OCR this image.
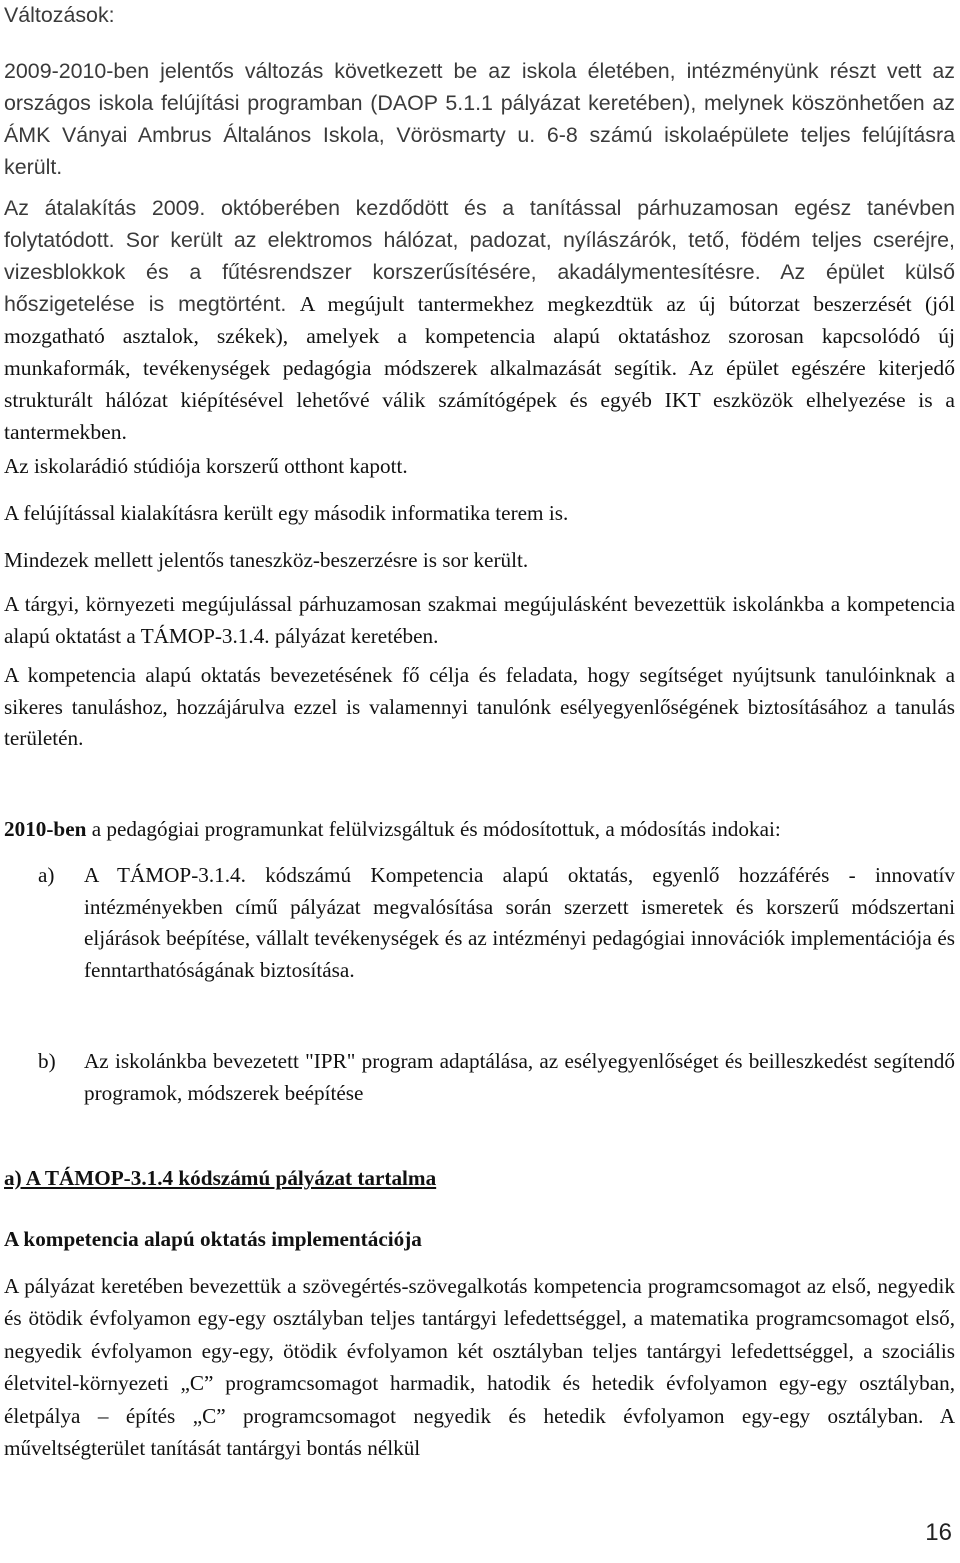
Változások:
2009-2010-ben jelentős változás következett be az iskola életében, intézményünk részt vett az országos iskola felújítási programban (DAOP 5.1.1 pályázat keretében), melynek köszönhetően az ÁMK Ványai Ambrus Általános Iskola, Vörösmarty u. 6-8 számú iskolaépülete teljes felújításra került.
Az átalakítás 2009. októberében kezdődött és a tanítással párhuzamosan egész tanévben folytatódott. Sor került az elektromos hálózat, padozat, nyílászárók, tető, födém teljes cseréjre, vizesblokkok és a fűtésrendszer korszerűsítésére, akadálymentesítésre. Az épület külső hőszigetelése is megtörtént. A megújult tantermekhez megkezdtük az új bútorzat beszerzését (jól mozgatható asztalok, székek), amelyek a kompetencia alapú oktatáshoz szorosan kapcsolódó új munkaformák, tevékenységek pedagógia módszerek alkalmazását segítik. Az épület egészére kiterjedő strukturált hálózat kiépítésével lehetővé válik számítógépek és egyéb IKT eszközök elhelyezése is a tantermekben.
Az iskolarádió stúdiója korszerű otthont kapott.
A felújítással kialakításra került egy második informatika terem is.
Mindezek mellett jelentős taneszköz-beszerzésre is sor került.
A tárgyi, környezeti megújulással párhuzamosan szakmai megújulásként bevezettük iskolánkba a kompetencia alapú oktatást a TÁMOP-3.1.4. pályázat keretében.
A kompetencia alapú oktatás bevezetésének fő célja és feladata, hogy segítséget nyújtsunk tanulóinknak a sikeres tanuláshoz, hozzájárulva ezzel is valamennyi tanulónk esélyegyenlőségének biztosításához a tanulás területén.
2010-ben a pedagógiai programunkat felülvizsgáltuk és módosítottuk, a módosítás indokai:
a)	A TÁMOP-3.1.4. kódszámú Kompetencia alapú oktatás, egyenlő hozzáférés - innovatív intézményekben című pályázat megvalósítása során szerzett ismeretek és korszerű módszertani eljárások beépítése, vállalt tevékenységek és az intézményi pedagógiai innovációk implementációja és fenntarthatóságának biztosítása.
b)	Az iskolánkba bevezetett "IPR" program adaptálása, az esélyegyenlőséget és beilleszkedést segítendő programok, módszerek beépítése
a) A TÁMOP-3.1.4 kódszámú pályázat tartalma
A kompetencia alapú oktatás implementációja
A pályázat keretében bevezettük a szövegértés-szövegalkotás kompetencia programcsomagot az első, negyedik és ötödik évfolyamon egy-egy osztályban teljes tantárgyi lefedettséggel, a matematika programcsomagot első, negyedik évfolyamon egy-egy, ötödik évfolyamon két osztályban teljes tantárgyi lefedettséggel, a szociális életvitel-környezeti „C” programcsomagot harmadik, hatodik és hetedik évfolyamon egy-egy osztályban, életpálya – építés „C” programcsomagot negyedik és hetedik évfolyamon egy-egy osztályban. A műveltségterület tanítását tantárgyi bontás nélkül
16
